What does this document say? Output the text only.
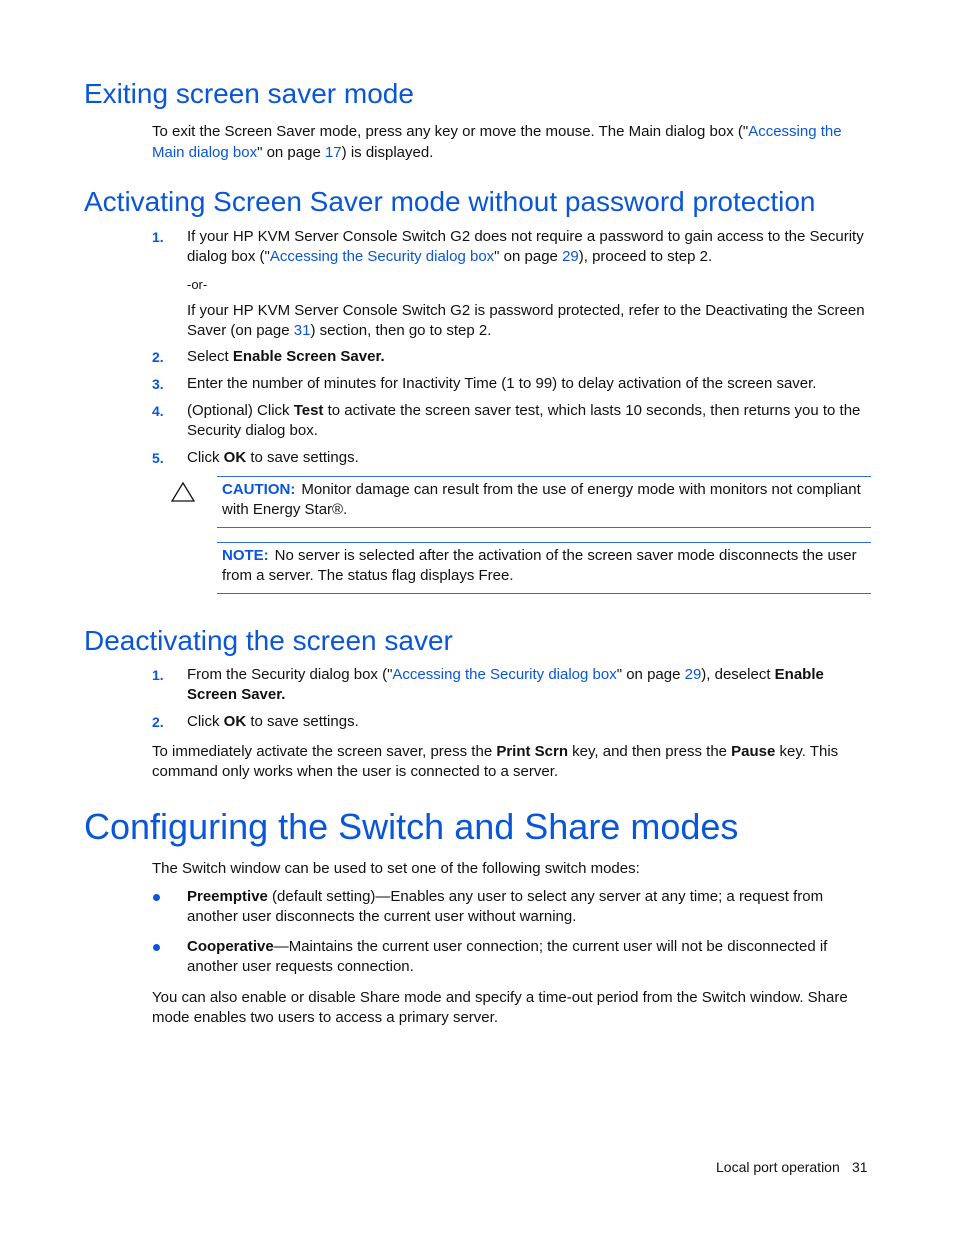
Exiting screen saver mode

To exit the Screen Saver mode, press any key or move the mouse. The Main dialog box ("Accessing the Main dialog box" on page 17) is displayed.

Activating Screen Saver mode without password protection
1. If your HP KVM Server Console Switch G2 does not require a password to gain access to the Security dialog box ("Accessing the Security dialog box" on page 29), proceed to step 2.

-or-

If your HP KVM Server Console Switch G2 is password protected, refer to the Deactivating the Screen Saver (on page 31) section, then go to step 2.

2. Select Enable Screen Saver.

3. Enter the number of minutes for Inactivity Time (1 to 99) to delay activation of the screen saver.

4. (Optional) Click Test to activate the screen saver test, which lasts 10 seconds, then returns you to the Security dialog box.

5. Click OK to save settings.

CAUTION: Monitor damage can result from the use of energy mode with monitors not compliant with Energy Star®.

NOTE: No server is selected after the activation of the screen saver mode disconnects the user from a server. The status flag displays Free.

Deactivating the screen saver
1. From the Security dialog box ("Accessing the Security dialog box" on page 29), deselect Enable Screen Saver.

2. Click OK to save settings.

To immediately activate the screen saver, press the Print Scrn key, and then press the Pause key. This command only works when the user is connected to a server.

Configuring the Switch and Share modes

The Switch window can be used to set one of the following switch modes:

Preemptive (default setting)—Enables any user to select any server at any time; a request from another user disconnects the current user without warning.

Cooperative—Maintains the current user connection; the current user will not be disconnected if another user requests connection.

You can also enable or disable Share mode and specify a time-out period from the Switch window. Share mode enables two users to access a primary server.

Local port operation 31
